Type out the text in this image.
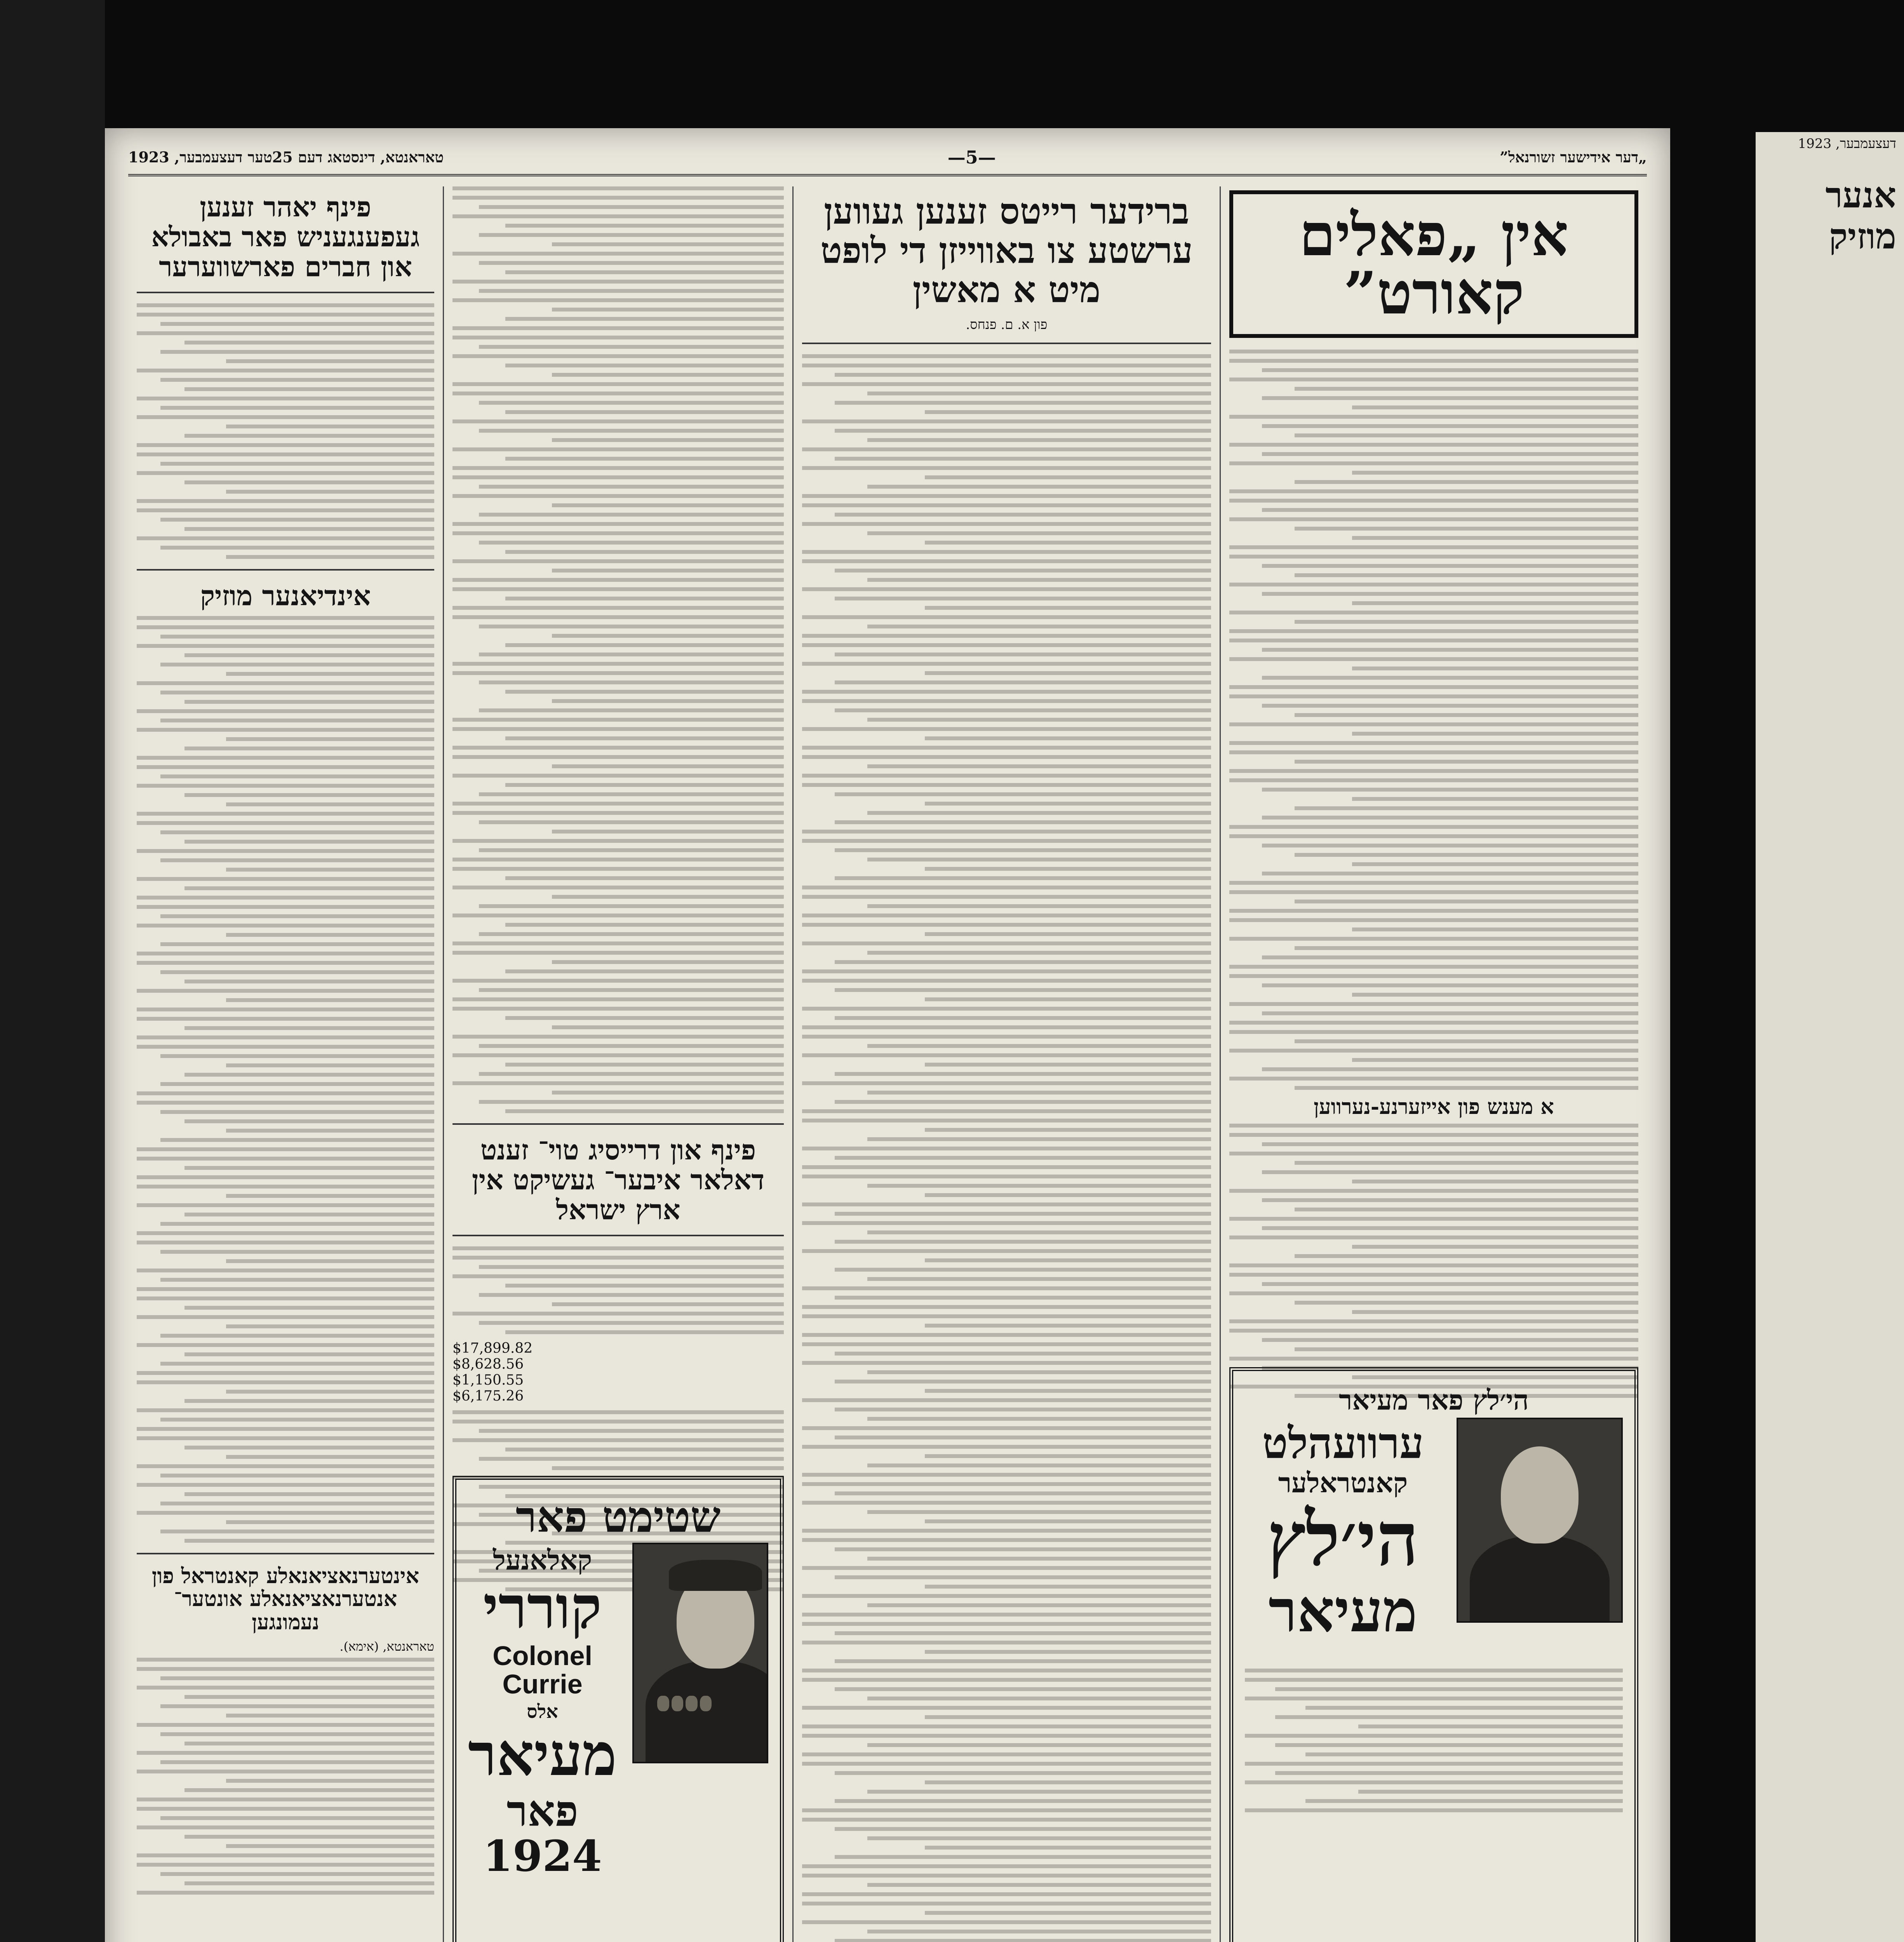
„דער אידישער זשורנאל”
—5—
טאראנטא, דינסטאג דעם 25טער דעצעמבער, 1923
אין „פאלים קאורט”
א מענש פון אייזערנע-נערווען
הי׳לץ פאר מעיאר
ערוועהלט
קאנטראלער
הי׳לץ
מעיאר
ברידער רייטס זענען געווען ערשטע צו באווייזן די לופט מיט א מאשין
פון א. ם. פנחס.
פינף און דרייסיג טוי־ זענט דאלאר איבער־ געשיקט אין ארץ ישראל
$17,899.82
$8,628.56
$1,150.55
$6,175.26
שטימט פאר
קאלאנעל
קוררי
Colonel Currie
אלס
מעיאר
פאר 1924
פינף יאהר זענען געפענגעניש פאר באבולא און חברים פארשווערער
אינדיאנער מוזיק
אינטערנאציאנאלע קאנטראל פון אנטערנאציאנאלע אונטער־ נעמונגען
טאראנטא, (אימא).
דעצעמבער, 1923
אנער מוזיק
